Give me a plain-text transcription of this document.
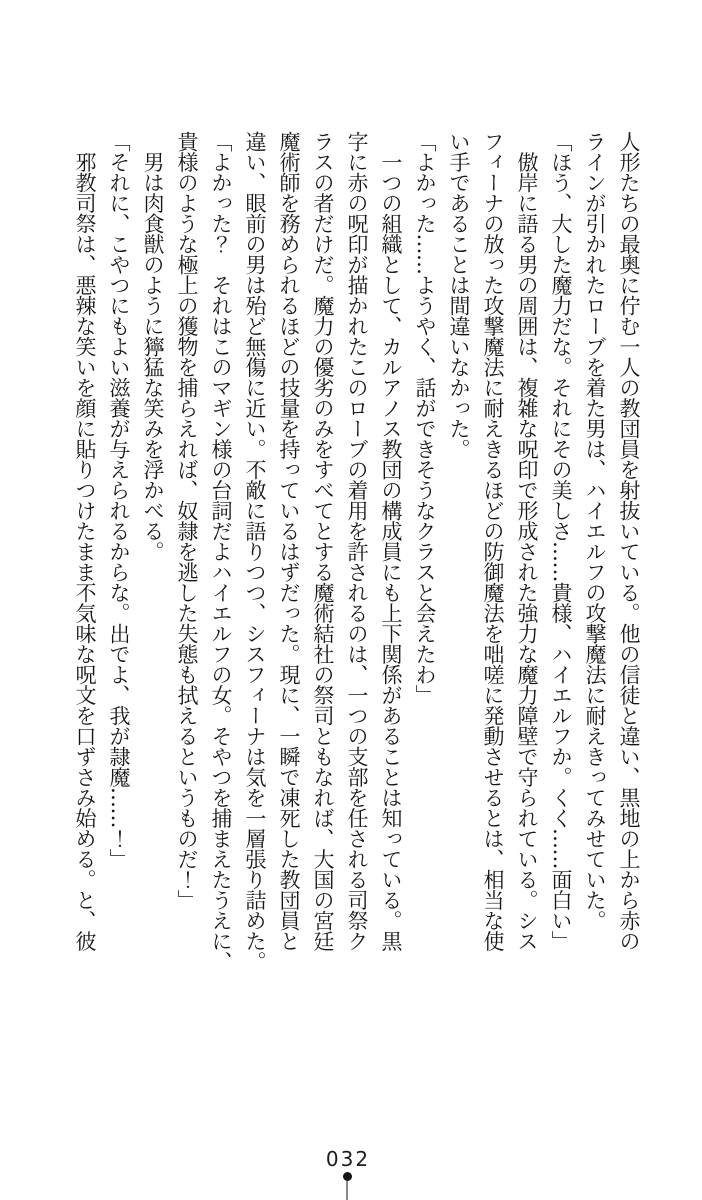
人形たちの最奥に佇む一人の教団員を射抜いている。他の信徒と違い、黒地の上から赤の
ラインが引かれたローブを着た男は、ハイエルフの攻撃魔法に耐えきってみせていた。
「ほう、大した魔力だな。それにその美しさ……貴様、ハイエルフか。くく……面白い」
　傲岸に語る男の周囲は、複雑な呪印で形成された強力な魔力障壁で守られている。シス
フィーナの放った攻撃魔法に耐えきるほどの防御魔法を咄嗟に発動させるとは、相当な使
い手であることは間違いなかった。
「よかった……ようやく、話ができそうなクラスと会えたわ」
　一つの組織として、カルアノス教団の構成員にも上下関係があることは知っている。黒
字に赤の呪印が描かれたこのローブの着用を許されるのは、一つの支部を任される司祭ク
ラスの者だけだ。魔力の優劣のみをすべてとする魔術結社の祭司ともなれば、大国の宮廷
魔術師を務められるほどの技量を持っているはずだった。現に、一瞬で凍死した教団員と
違い、眼前の男は殆ど無傷に近い。不敵に語りつつ、シスフィーナは気を一層張り詰めた。
「よかった？　それはこのマギン様の台詞だよハイエルフの女。そやつを捕まえたうえに、
貴様のような極上の獲物を捕らえれば、奴隷を逃した失態も拭えるというものだ！」
　男は肉食獣のように獰猛な笑みを浮かべる。
「それに、こやつにもよい滋養が与えられるからな。出でよ、我が隷魔……！」
　邪教司祭は、悪辣な笑いを顔に貼りつけたまま不気味な呪文を口ずさみ始める。と、彼
032
